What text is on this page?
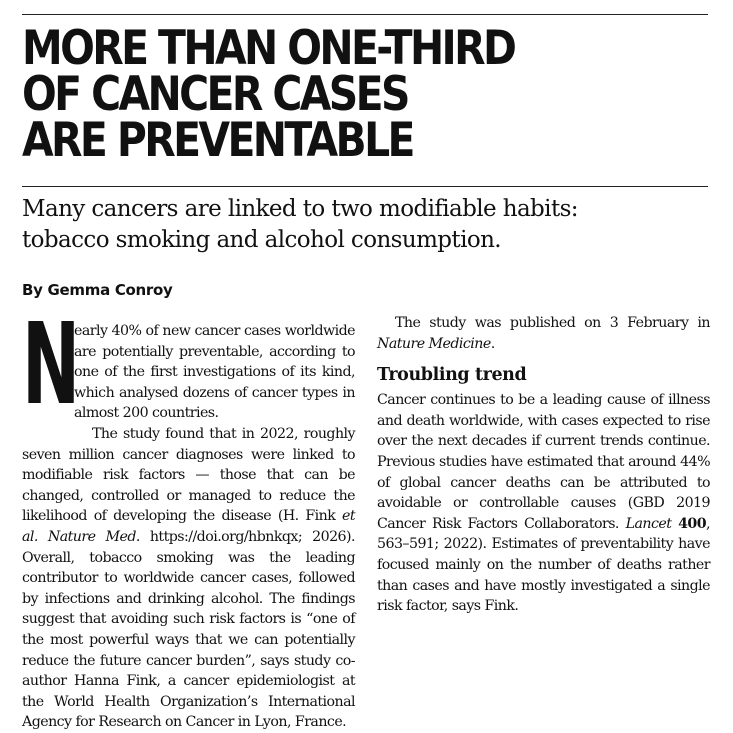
MORE THAN ONE-THIRD
OF CANCER CASES
ARE PREVENTABLE

Many cancers are linked to two modifiable habits:
tobacco smoking and alcohol consumption.

By Gemma Conroy

N
early 40% of new cancer cases worldwide are potentially preventable, according to one of the first investigations of its kind, which analysed dozens of cancer types in almost 200 countries.

The study found that in 2022, roughly seven million cancer diagnoses were linked to modifiable risk factors — those that can be changed, controlled or managed to reduce the likelihood of developing the disease (H. Fink et al. Nature Med. https://doi.org/hbnkqx; 2026). Overall, tobacco smoking was the leading contributor to worldwide cancer cases, followed by infections and drinking alcohol. The findings suggest that avoiding such risk factors is “one of the most powerful ways that we can potentially reduce the future cancer burden”, says study co-author Hanna Fink, a cancer epidemiologist at the World Health Organization’s International Agency for Research on Cancer in Lyon, France.

The study was published on 3 February in Nature Medicine.

Troubling trend

Cancer continues to be a leading cause of illness and death worldwide, with cases expected to rise over the next decades if current trends continue. Previous studies have estimated that around 44% of global cancer deaths can be attributed to avoidable or controllable causes (GBD 2019 Cancer Risk Factors Collaborators. Lancet 400, 563–591; 2022). Estimates of preventability have focused mainly on the number of deaths rather than cases and have mostly investigated a single risk factor, says Fink.
